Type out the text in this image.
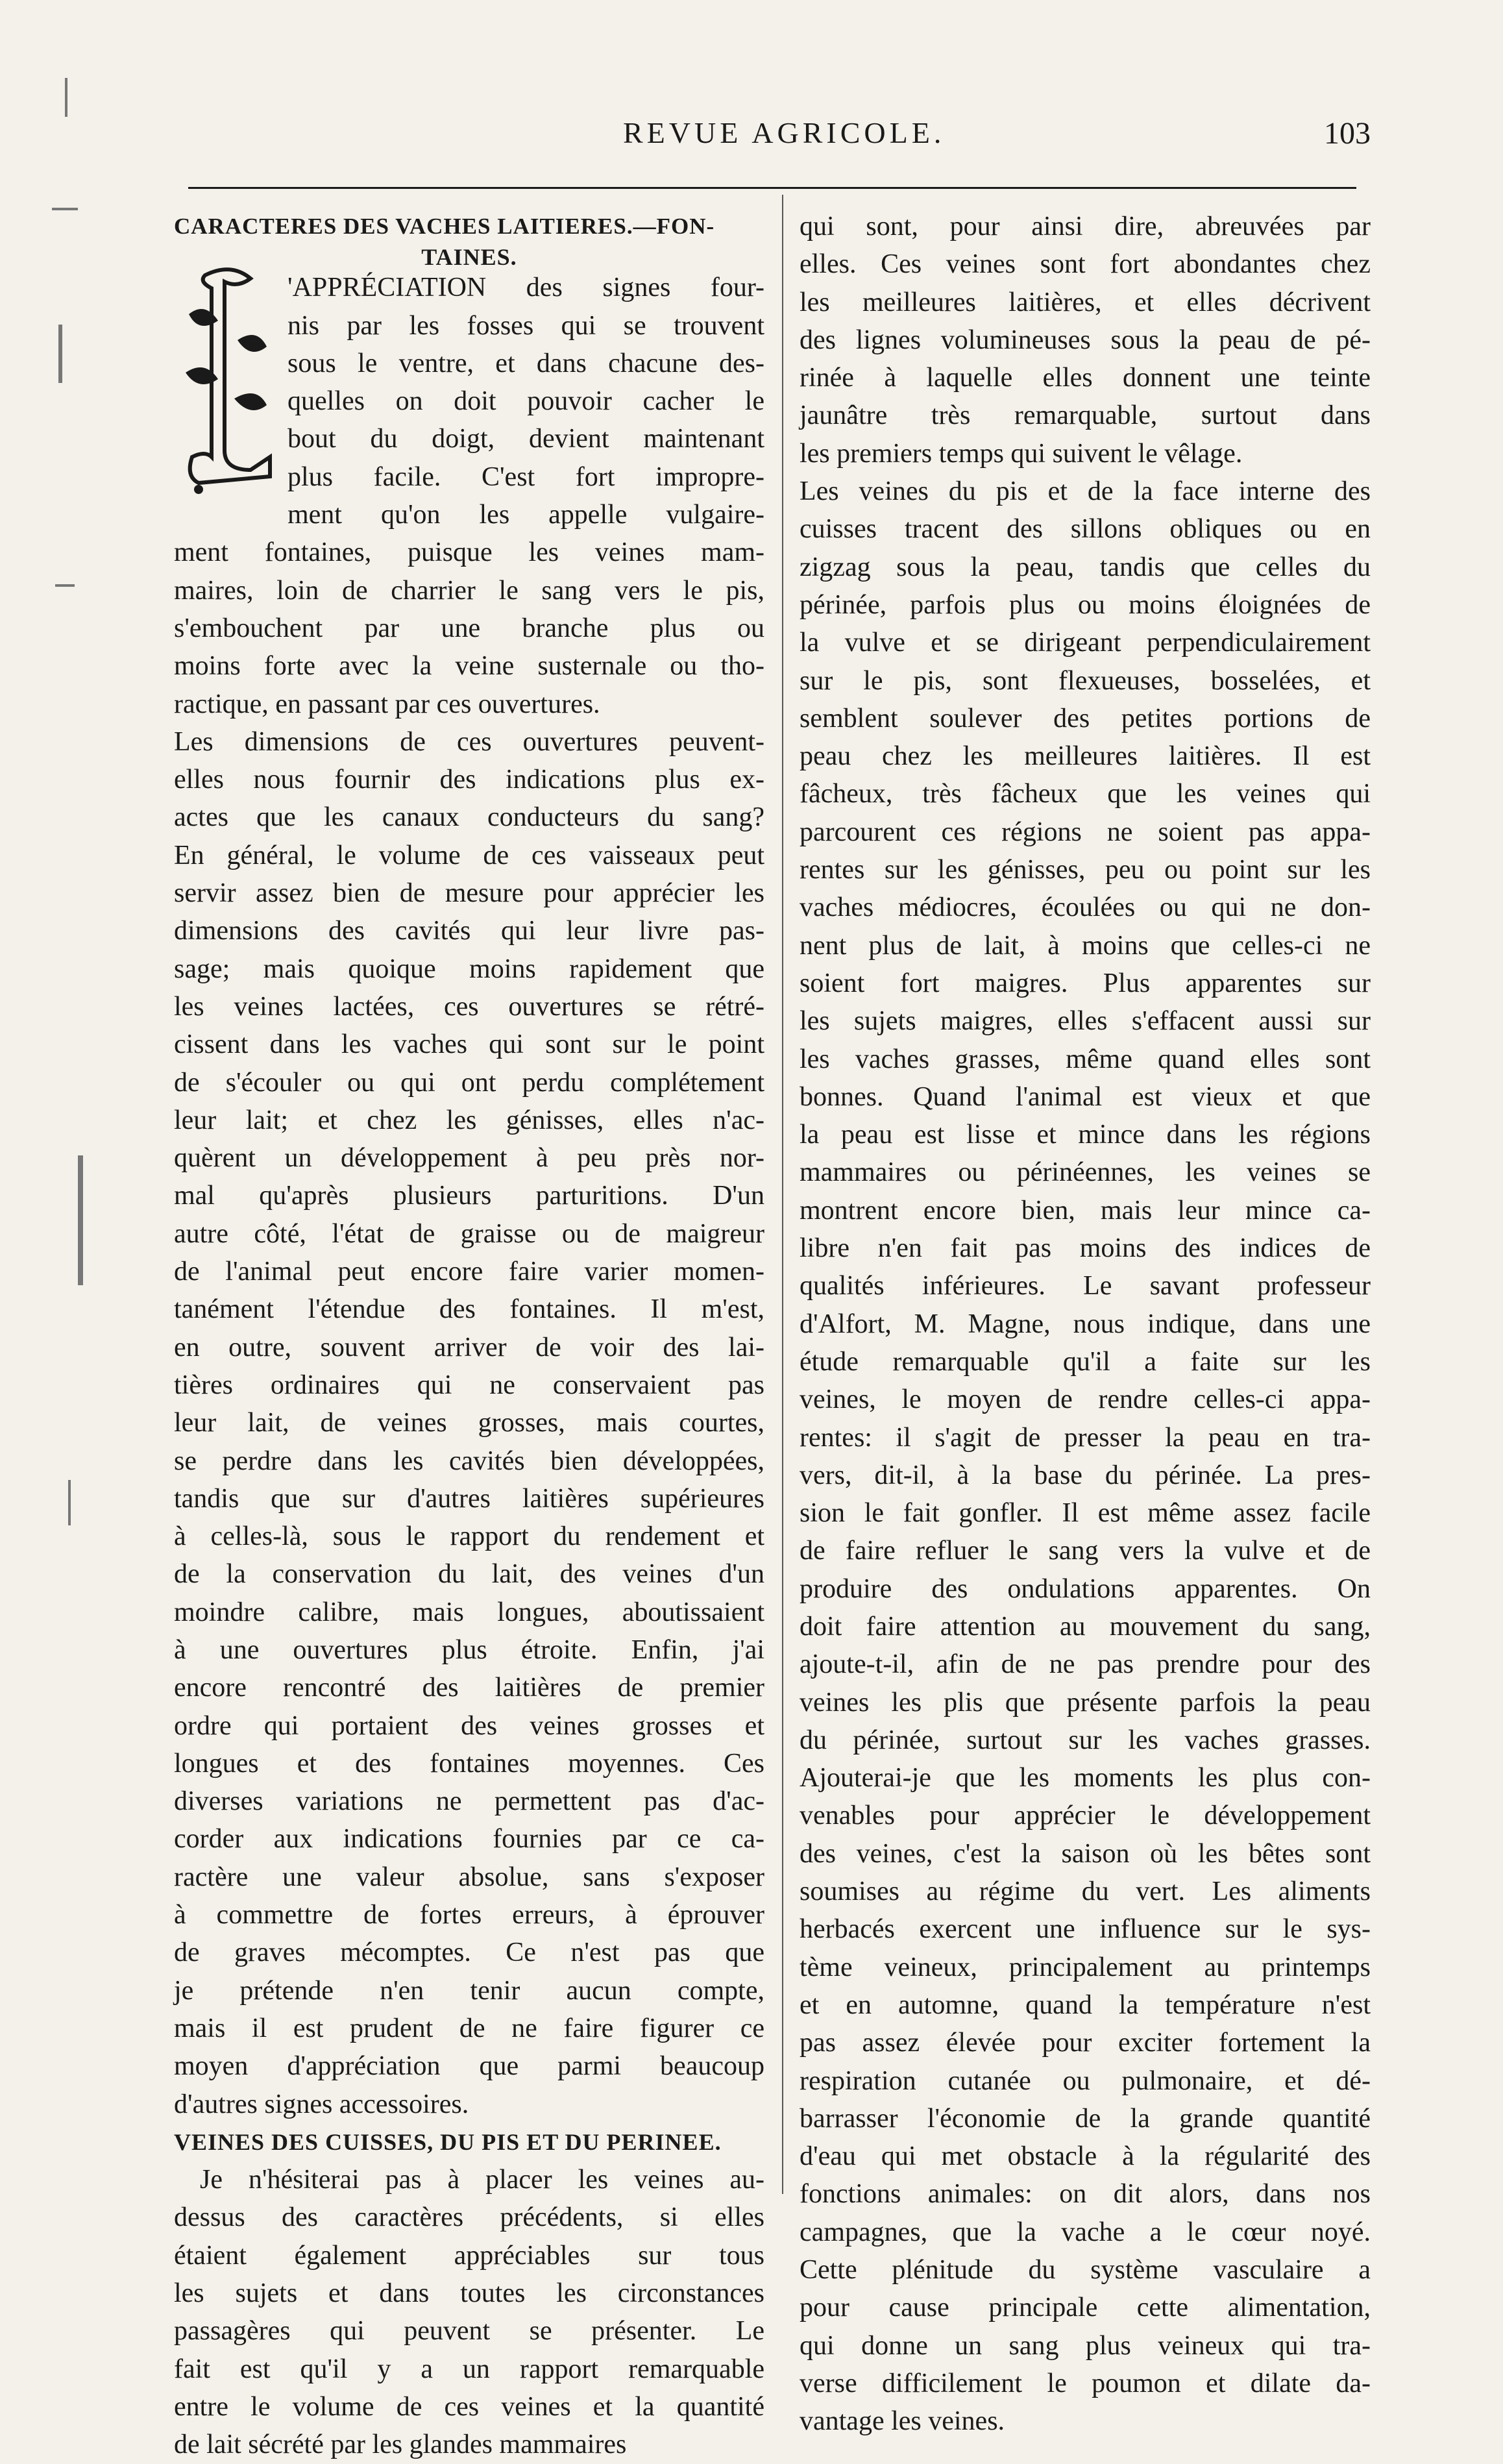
REVUE AGRICOLE.	103
CARACTERES DES VACHES LAITIERES.—FON-
TAINES.
'APPRÉCIATION des signes four-
nis par les fosses qui se trouvent
sous le ventre, et dans chacune des-
quelles on doit pouvoir cacher le
bout du doigt, devient maintenant
plus facile. C'est fort impropre-
ment qu'on les appelle vulgaire-
ment fontaines, puisque les veines mam-
maires, loin de charrier le sang vers le pis,
s'embouchent par une branche plus ou
moins forte avec la veine susternale ou tho-
ractique, en passant par ces ouvertures.
Les dimensions de ces ouvertures peuvent-
elles nous fournir des indications plus ex-
actes que les canaux conducteurs du sang?
En général, le volume de ces vaisseaux peut
servir assez bien de mesure pour apprécier les
dimensions des cavités qui leur livre pas-
sage; mais quoique moins rapidement que
les veines lactées, ces ouvertures se rétré-
cissent dans les vaches qui sont sur le point
de s'écouler ou qui ont perdu complétement
leur lait; et chez les génisses, elles n'ac-
quèrent un développement à peu près nor-
mal qu'après plusieurs parturitions. D'un
autre côté, l'état de graisse ou de maigreur
de l'animal peut encore faire varier momen-
tanément l'étendue des fontaines. Il m'est,
en outre, souvent arriver de voir des lai-
tières ordinaires qui ne conservaient pas
leur lait, de veines grosses, mais courtes,
se perdre dans les cavités bien développées,
tandis que sur d'autres laitières supérieures
à celles-là, sous le rapport du rendement et
de la conservation du lait, des veines d'un
moindre calibre, mais longues, aboutissaient
à une ouvertures plus étroite. Enfin, j'ai
encore rencontré des laitières de premier
ordre qui portaient des veines grosses et
longues et des fontaines moyennes. Ces
diverses variations ne permettent pas d'ac-
corder aux indications fournies par ce ca-
ractère une valeur absolue, sans s'exposer
à commettre de fortes erreurs, à éprouver
de graves mécomptes. Ce n'est pas que
je prétende n'en tenir aucun compte,
mais il est prudent de ne faire figurer ce
moyen d'appréciation que parmi beaucoup
d'autres signes accessoires.
VEINES DES CUISSES, DU PIS ET DU PERINEE.
Je n'hésiterai pas à placer les veines au-
dessus des caractères précédents, si elles
étaient également appréciables sur tous
les sujets et dans toutes les circonstances
passagères qui peuvent se présenter. Le
fait est qu'il y a un rapport remarquable
entre le volume de ces veines et la quantité
de lait sécrété par les glandes mammaires
qui sont, pour ainsi dire, abreuvées par
elles. Ces veines sont fort abondantes chez
les meilleures laitières, et elles décrivent
des lignes volumineuses sous la peau de pé-
rinée à laquelle elles donnent une teinte
jaunâtre très remarquable, surtout dans
les premiers temps qui suivent le vêlage.
Les veines du pis et de la face interne des
cuisses tracent des sillons obliques ou en
zigzag sous la peau, tandis que celles du
périnée, parfois plus ou moins éloignées de
la vulve et se dirigeant perpendiculairement
sur le pis, sont flexueuses, bosselées, et
semblent soulever des petites portions de
peau chez les meilleures laitières. Il est
fâcheux, très fâcheux que les veines qui
parcourent ces régions ne soient pas appa-
rentes sur les génisses, peu ou point sur les
vaches médiocres, écoulées ou qui ne don-
nent plus de lait, à moins que celles-ci ne
soient fort maigres. Plus apparentes sur
les sujets maigres, elles s'effacent aussi sur
les vaches grasses, même quand elles sont
bonnes. Quand l'animal est vieux et que
la peau est lisse et mince dans les régions
mammaires ou périnéennes, les veines se
montrent encore bien, mais leur mince ca-
libre n'en fait pas moins des indices de
qualités inférieures. Le savant professeur
d'Alfort, M. Magne, nous indique, dans une
étude remarquable qu'il a faite sur les
veines, le moyen de rendre celles-ci appa-
rentes: il s'agit de presser la peau en tra-
vers, dit-il, à la base du périnée. La pres-
sion le fait gonfler. Il est même assez facile
de faire refluer le sang vers la vulve et de
produire des ondulations apparentes. On
doit faire attention au mouvement du sang,
ajoute-t-il, afin de ne pas prendre pour des
veines les plis que présente parfois la peau
du périnée, surtout sur les vaches grasses.
Ajouterai-je que les moments les plus con-
venables pour apprécier le développement
des veines, c'est la saison où les bêtes sont
soumises au régime du vert. Les aliments
herbacés exercent une influence sur le sys-
tème veineux, principalement au printemps
et en automne, quand la température n'est
pas assez élevée pour exciter fortement la
respiration cutanée ou pulmonaire, et dé-
barrasser l'économie de la grande quantité
d'eau qui met obstacle à la régularité des
fonctions animales: on dit alors, dans nos
campagnes, que la vache a le cœur noyé.
Cette plénitude du système vasculaire a
pour cause principale cette alimentation,
qui donne un sang plus veineux qui tra-
verse difficilement le poumon et dilate da-
vantage les veines.
